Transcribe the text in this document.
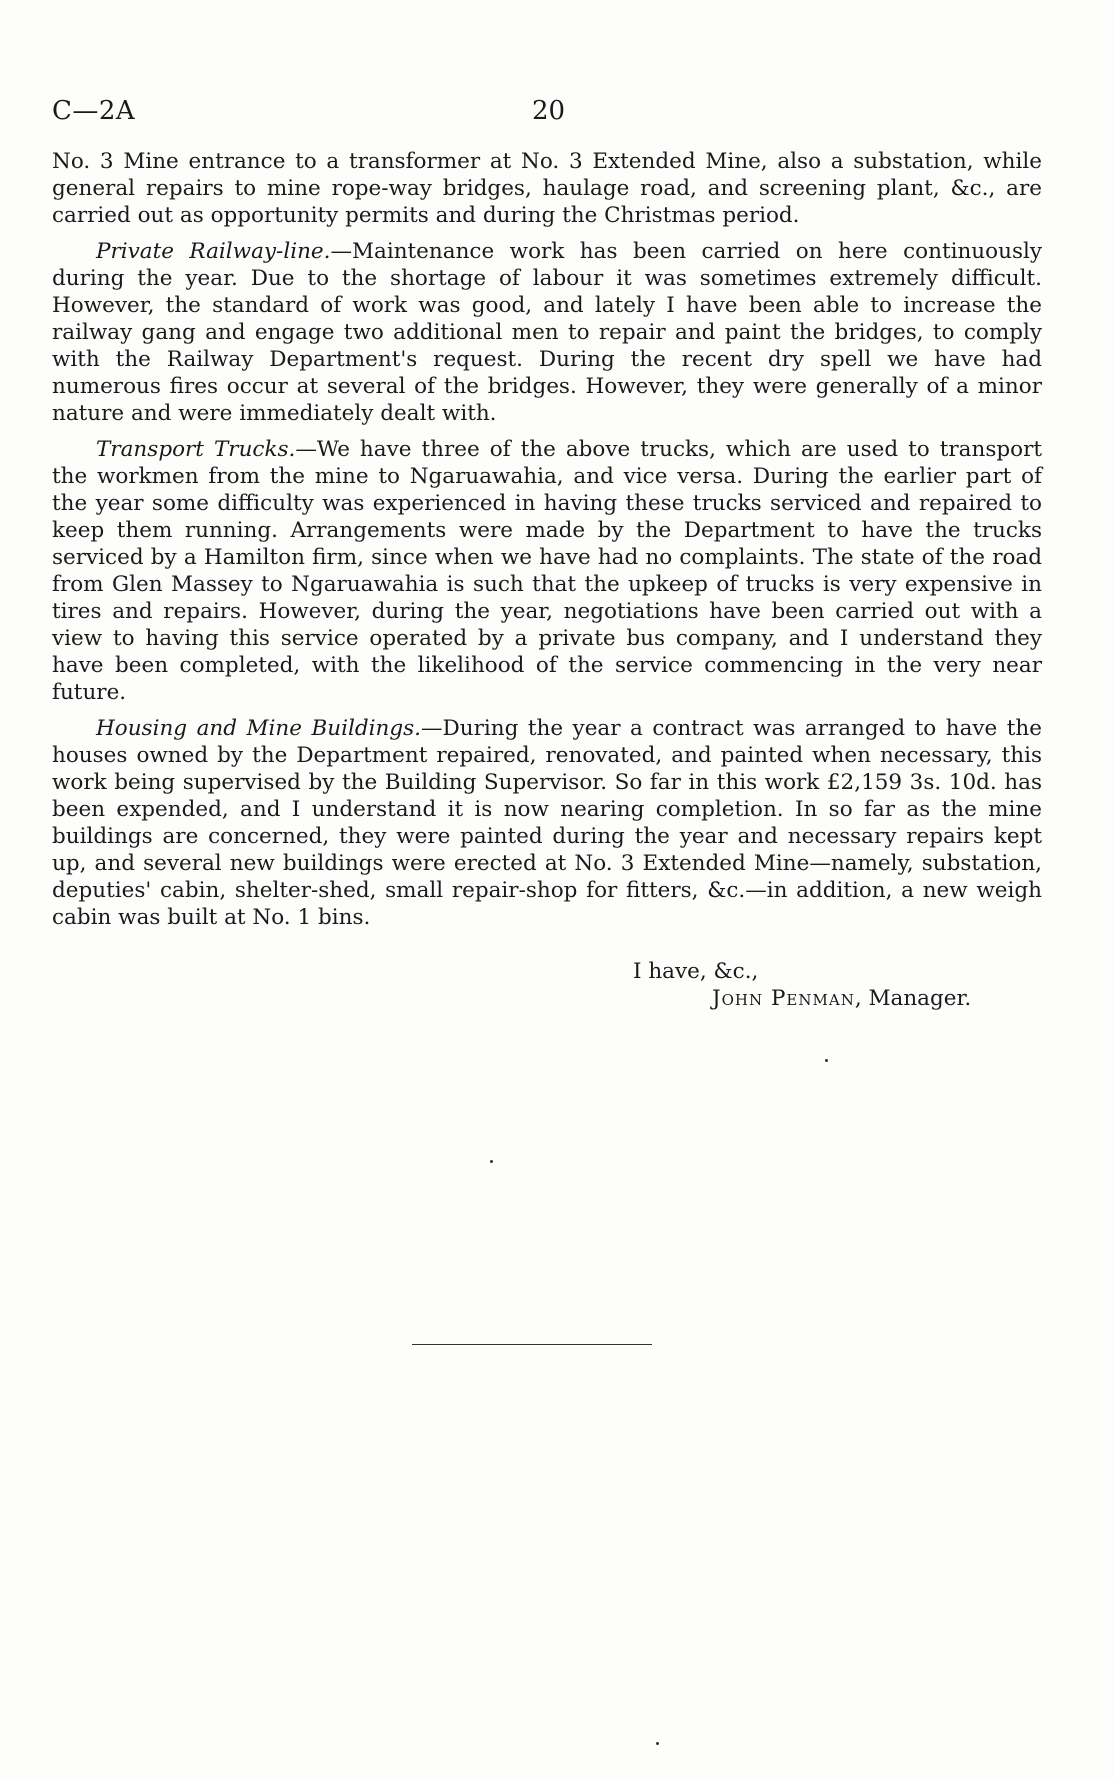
C—2A	20

No. 3 Mine entrance to a transformer at No. 3 Extended Mine, also a substation, while general repairs to mine rope-way bridges, haulage road, and screening plant, &c., are carried out as opportunity permits and during the Christmas period.

Private Railway-line.—Maintenance work has been carried on here continuously during the year. Due to the shortage of labour it was sometimes extremely difficult. However, the standard of work was good, and lately I have been able to increase the railway gang and engage two additional men to repair and paint the bridges, to comply with the Railway Department's request. During the recent dry spell we have had numerous fires occur at several of the bridges. However, they were generally of a minor nature and were immediately dealt with.

Transport Trucks.—We have three of the above trucks, which are used to transport the workmen from the mine to Ngaruawahia, and vice versa. During the earlier part of the year some difficulty was experienced in having these trucks serviced and repaired to keep them running. Arrangements were made by the Department to have the trucks serviced by a Hamilton firm, since when we have had no complaints. The state of the road from Glen Massey to Ngaruawahia is such that the upkeep of trucks is very expensive in tires and repairs. However, during the year, negotiations have been carried out with a view to having this service operated by a private bus company, and I understand they have been completed, with the likelihood of the service commencing in the very near future.

Housing and Mine Buildings.—During the year a contract was arranged to have the houses owned by the Department repaired, renovated, and painted when necessary, this work being supervised by the Building Supervisor. So far in this work £2,159 3s. 10d. has been expended, and I understand it is now nearing completion. In so far as the mine buildings are concerned, they were painted during the year and necessary repairs kept up, and several new buildings were erected at No. 3 Extended Mine—namely, substation, deputies' cabin, shelter-shed, small repair-shop for fitters, &c.—in addition, a new weigh cabin was built at No. 1 bins.

I have, &c.,
John Penman, Manager.
